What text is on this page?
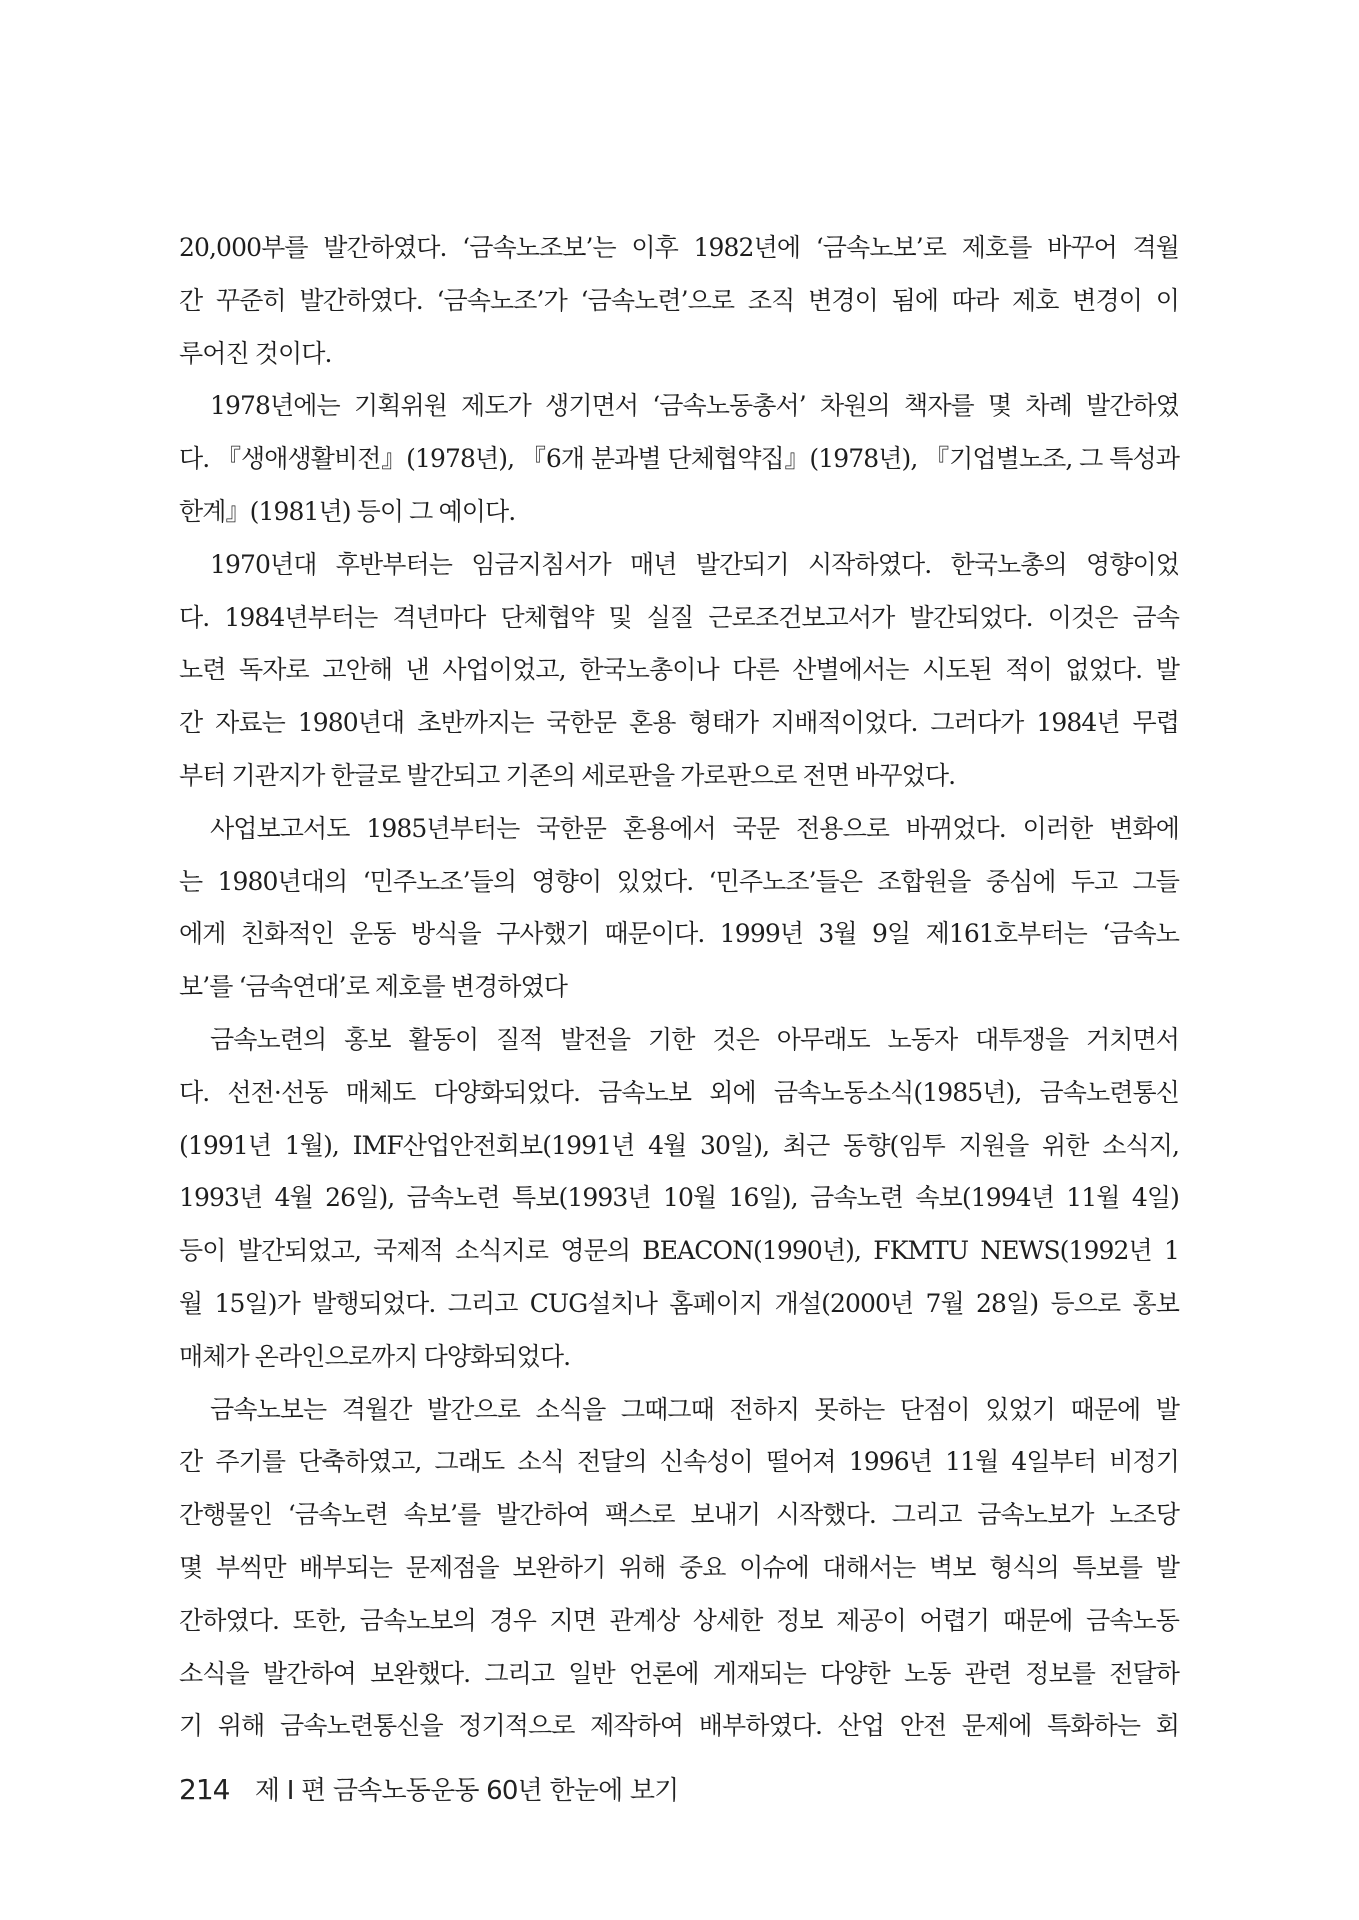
20,000부를 발간하였다. ‘금속노조보’는 이후 1982년에 ‘금속노보’로 제호를 바꾸어 격월
간 꾸준히 발간하였다. ‘금속노조’가 ‘금속노련’으로 조직 변경이 됨에 따라 제호 변경이 이
루어진 것이다.
1978년에는 기획위원 제도가 생기면서 ‘금속노동총서’ 차원의 책자를 몇 차례 발간하였
다. 『생애생활비전』(1978년), 『6개 분과별 단체협약집』(1978년), 『기업별노조, 그 특성과
한계』(1981년) 등이 그 예이다.
1970년대 후반부터는 임금지침서가 매년 발간되기 시작하였다. 한국노총의 영향이었
다. 1984년부터는 격년마다 단체협약 및 실질 근로조건보고서가 발간되었다. 이것은 금속
노련 독자로 고안해 낸 사업이었고, 한국노총이나 다른 산별에서는 시도된 적이 없었다. 발
간 자료는 1980년대 초반까지는 국한문 혼용 형태가 지배적이었다. 그러다가 1984년 무렵
부터 기관지가 한글로 발간되고 기존의 세로판을 가로판으로 전면 바꾸었다.
사업보고서도 1985년부터는 국한문 혼용에서 국문 전용으로 바뀌었다. 이러한 변화에
는 1980년대의 ‘민주노조’들의 영향이 있었다. ‘민주노조’들은 조합원을 중심에 두고 그들
에게 친화적인 운동 방식을 구사했기 때문이다. 1999년 3월 9일 제161호부터는 ‘금속노
보’를 ‘금속연대’로 제호를 변경하였다
금속노련의 홍보 활동이 질적 발전을 기한 것은 아무래도 노동자 대투쟁을 거치면서
다. 선전·선동 매체도 다양화되었다. 금속노보 외에 금속노동소식(1985년), 금속노련통신
(1991년 1월), IMF산업안전회보(1991년 4월 30일), 최근 동향(임투 지원을 위한 소식지,
1993년 4월 26일), 금속노련 특보(1993년 10월 16일), 금속노련 속보(1994년 11월 4일)
등이 발간되었고, 국제적 소식지로 영문의 BEACON(1990년), FKMTU NEWS(1992년 1
월 15일)가 발행되었다. 그리고 CUG설치나 홈페이지 개설(2000년 7월 28일) 등으로 홍보
매체가 온라인으로까지 다양화되었다.
금속노보는 격월간 발간으로 소식을 그때그때 전하지 못하는 단점이 있었기 때문에 발
간 주기를 단축하였고, 그래도 소식 전달의 신속성이 떨어져 1996년 11월 4일부터 비정기
간행물인 ‘금속노련 속보’를 발간하여 팩스로 보내기 시작했다. 그리고 금속노보가 노조당
몇 부씩만 배부되는 문제점을 보완하기 위해 중요 이슈에 대해서는 벽보 형식의 특보를 발
간하였다. 또한, 금속노보의 경우 지면 관계상 상세한 정보 제공이 어렵기 때문에 금속노동
소식을 발간하여 보완했다. 그리고 일반 언론에 게재되는 다양한 노동 관련 정보를 전달하
기 위해 금속노련통신을 정기적으로 제작하여 배부하였다. 산업 안전 문제에 특화하는 회
214 제 I 편 금속노동운동 60년 한눈에 보기
